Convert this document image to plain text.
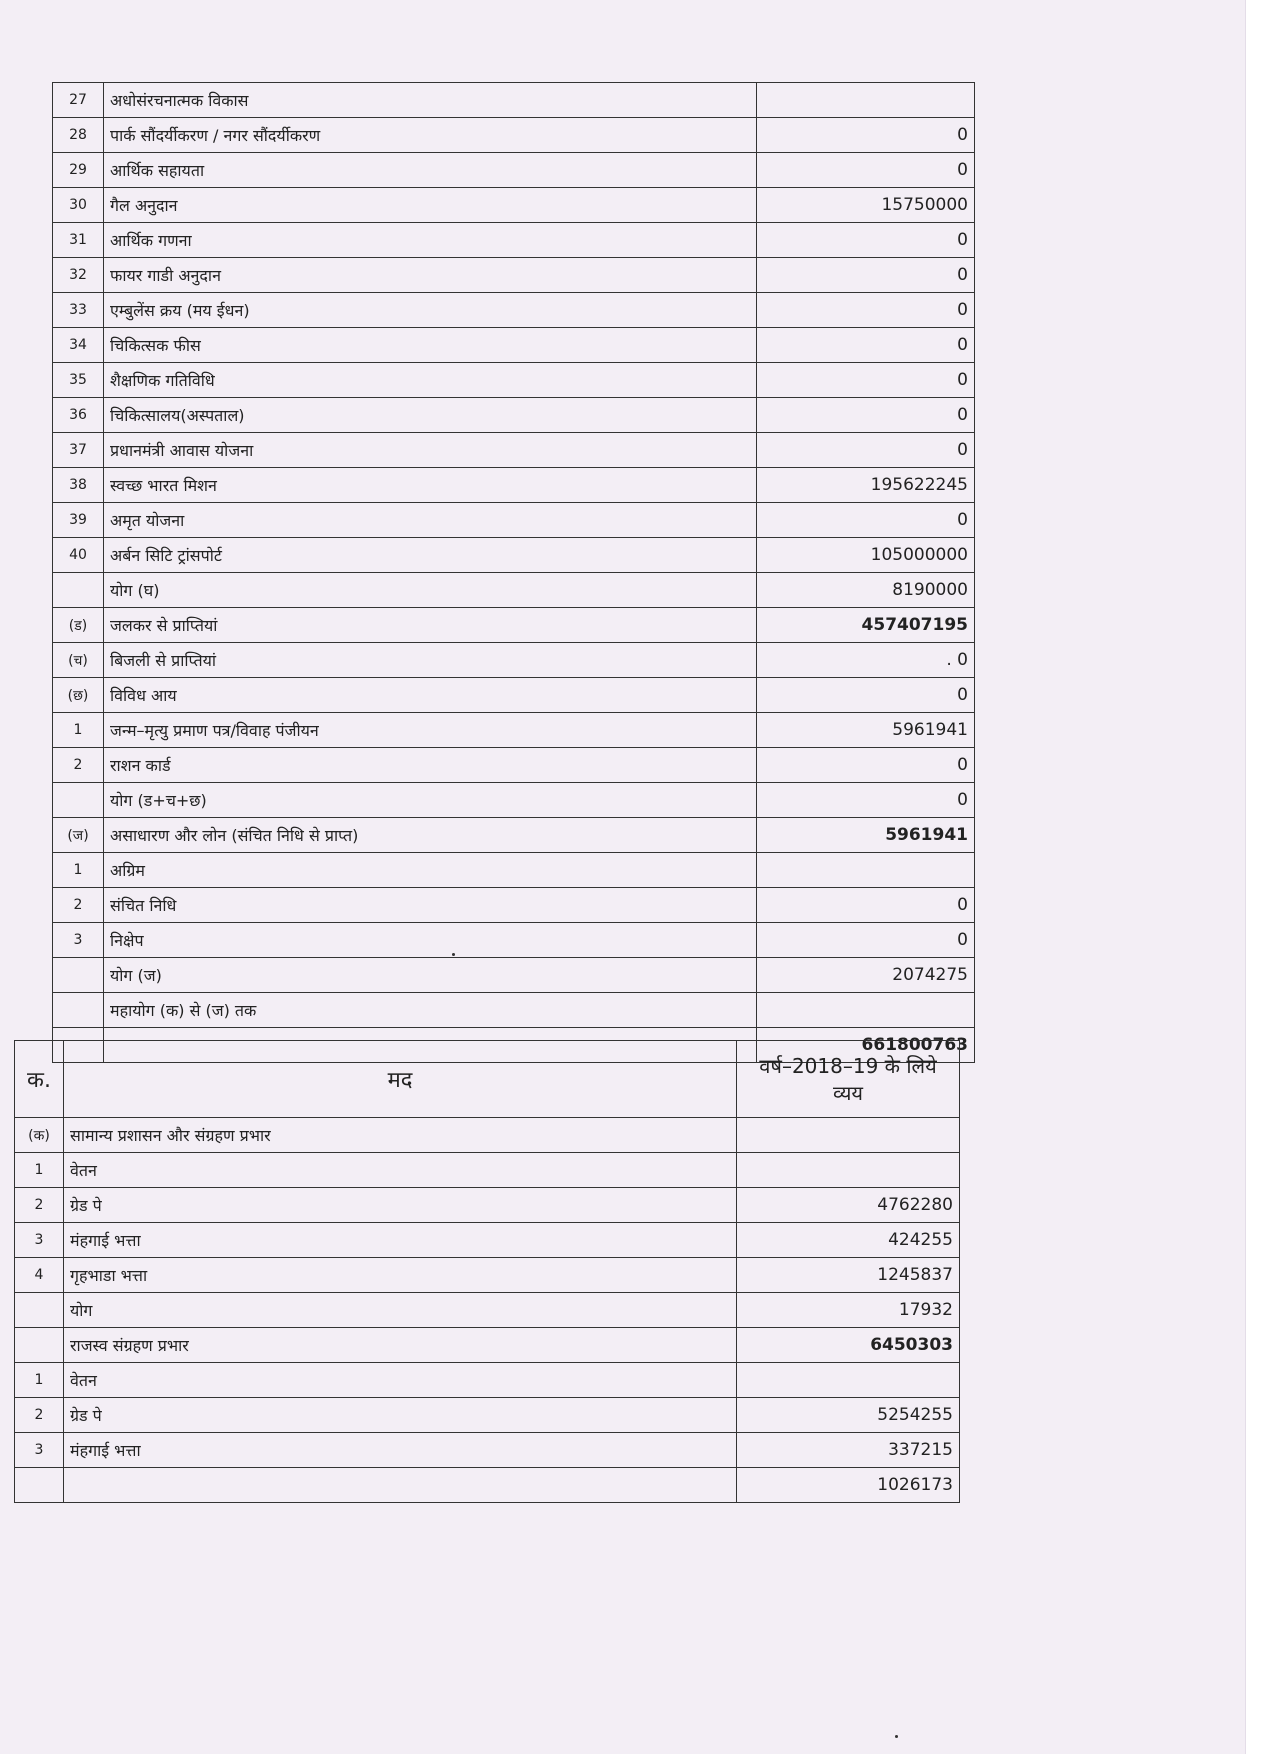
27	अधोसंरचनात्मक विकास	
28	पार्क सौंदर्यीकरण / नगर सौंदर्यीकरण	0
29	आर्थिक सहायता	0
30	गैल अनुदान	15750000
31	आर्थिक गणना	0
32	फायर गाडी अनुदान	0
33	एम्बुलेंस क्रय (मय ईधन)	0
34	चिकित्सक फीस	0
35	शैक्षणिक गतिविधि	0
36	चिकित्सालय(अस्पताल)	0
37	प्रधानमंत्री आवास योजना	0
38	स्वच्छ भारत मिशन	195622245
39	अमृत योजना	0
40	अर्बन सिटि ट्रांसपोर्ट	105000000
	योग (घ)	8190000
(ड)	जलकर से प्राप्तियां	457407195
(च)	बिजली से प्राप्तियां	. 0
(छ)	विविध आय	0
1	जन्म–मृत्यु प्रमाण पत्र/विवाह पंजीयन	5961941
2	राशन कार्ड	0
	योग (ड+च+छ)	0
(ज)	असाधारण और लोन (संचित निधि से प्राप्त)	5961941
1	अग्रिम	
2	संचित निधि	0
3	निक्षेप	0
	योग (ज)	2074275
	महायोग (क) से (ज) तक	
		661800763
क.	मद	वर्ष–2018–19 के लिये व्यय
(क)	सामान्य प्रशासन और संग्रहण प्रभार	
1	वेतन	
2	ग्रेड पे	4762280
3	मंहगाई भत्ता	424255
4	गृहभाडा भत्ता	1245837
	योग	17932
	राजस्व संग्रहण प्रभार	6450303
1	वेतन	
2	ग्रेड पे	5254255
3	मंहगाई भत्ता	337215
		1026173
